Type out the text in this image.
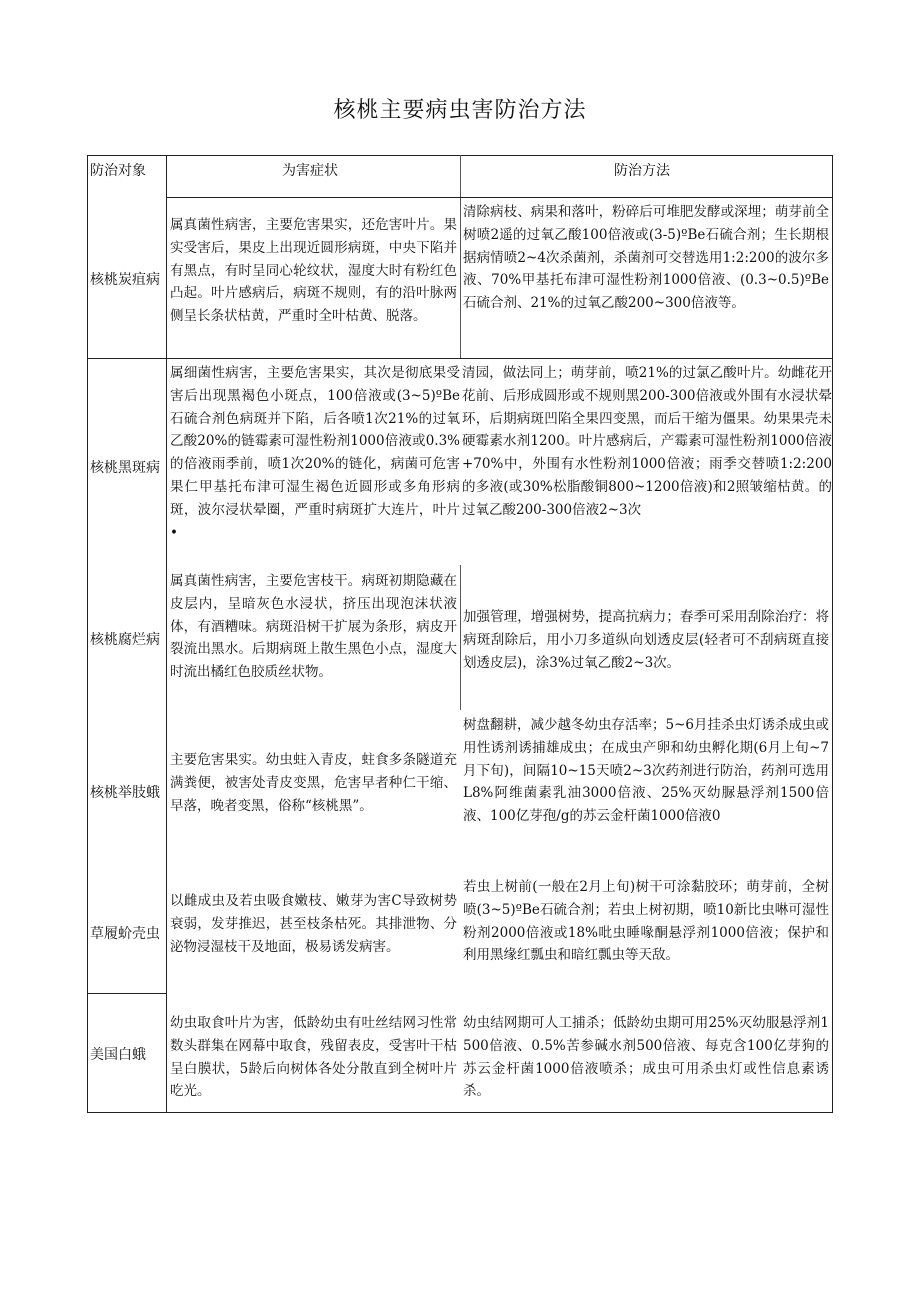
核桃主要病虫害防治方法
防治对象	为害症状	防治方法
核桃炭疽病
属真菌性病害，主要危害果实，还危害叶片。果实受害后，果皮上出现近圆形病斑，中央下陷并有黑点，有时呈同心轮纹状，湿度大时有粉红色凸起。叶片感病后，病斑不规则，有的沿叶脉两侧呈长条状枯黄，严重时全叶枯黄、脱落。
清除病枝、病果和落叶，粉碎后可堆肥发酵或深埋；萌芽前全树喷2遥的过氧乙酸100倍液或(3-5)ºBe石硫合剂；生长期根据病情喷2~4次杀菌剂，杀菌剂可交替选用1:2:200的波尔多液、70%甲基托布津可湿性粉剂1000倍液、(0.3~0.5)ºBe石硫合剂、21%的过氧乙酸200~300倍液等。
核桃黑斑病
属细菌性病害，主要危害果实，其次是彻底果受害后出现黑褐色小斑点，100倍液或(3~5)ºBe石硫合剂色病斑并下陷，后各喷1次21%的过氧乙酸20%的链霉素可湿性粉剂1000倍液或0.3%的倍液雨季前，喷1次20%的链化，病菌可危害果仁甲基托布津可湿生褐色近圆形或多角形病斑，波尔浸状晕圈，严重时病斑扩大连片，叶片•
清园，做法同上；萌芽前，喷21%的过氯乙酸叶片。幼雌花开花前、后形成圆形或不规则黑200-300倍液或外围有水浸状晕环，后期病斑凹陷全果四变黑，而后干缩为僵果。幼果果壳未硬霉素水剂1200。叶片感病后，产霉素可湿性粉剂1000倍液+70%中，外围有水性粉剂1000倍液；雨季交替喷1:2:200的多液(或30%松脂酸铜800~1200倍液)和2照皱缩枯黄。的过氧乙酸200-300倍液2~3次
核桃腐烂病
属真菌性病害，主要危害枝干。病斑初期隐藏在皮层内，呈暗灰色水浸状，挤压出现泡沫状液体，有酒糟味。病斑沿树干扩展为条形，病皮开裂流出黑水。后期病斑上散生黑色小点，湿度大时流出橘红色胶质丝状物。
加强管理，增强树势，提高抗病力；春季可采用刮除治疗：将病斑刮除后，用小刀多道纵向划透皮层(轻者可不刮病斑直接划透皮层)，涂3%过氧乙酸2~3次。
核桃举肢蛾
主要危害果实。幼虫蛀入青皮，蛀食多条隧道充满粪便，被害处青皮变黑，危害早者种仁干缩、早落，晚者变黑，俗称“核桃黑”。
树盘翻耕，减少越冬幼虫存活率；5~6月挂杀虫灯诱杀成虫或用性诱剂诱捕雄成虫；在成虫产卵和幼虫孵化期(6月上旬~7月下旬)，间隔10~15天喷2~3次药剂进行防治，药剂可选用L8%阿维菌素乳油3000倍液、25%灭幼脲悬浮剂1500倍液、100亿芽孢/g的苏云金杆菌1000倍液0
草履蚧壳虫
以雌成虫及若虫吸食嫩枝、嫩芽为害C导致树势衰弱，发芽推迟，甚至枝条枯死。其排泄物、分泌物浸湿枝干及地面，极易诱发病害。
若虫上树前(一般在2月上旬)树干可涂黏胶环；萌芽前，全树喷(3~5)ºBe石硫合剂；若虫上树初期，喷10新比虫啉可湿性粉剂2000倍液或18%吡虫睡喙酮悬浮剂1000倍液；保护和利用黑缘红瓢虫和暗红瓢虫等天敌。
美国白蛾
幼虫取食叶片为害，低龄幼虫有吐丝结网习性常数头群集在网幕中取食，残留表皮，受害叶干枯呈白膜状，5龄后向树体各处分散直到全树叶片吃光。
幼虫结网期可人工捕杀；低龄幼虫期可用25%灭幼服悬浮剂1500倍液、0.5%苦参碱水剂500倍液、每克含100亿芽狗的苏云金杆菌1000倍液喷杀；成虫可用杀虫灯或性信息素诱杀。
